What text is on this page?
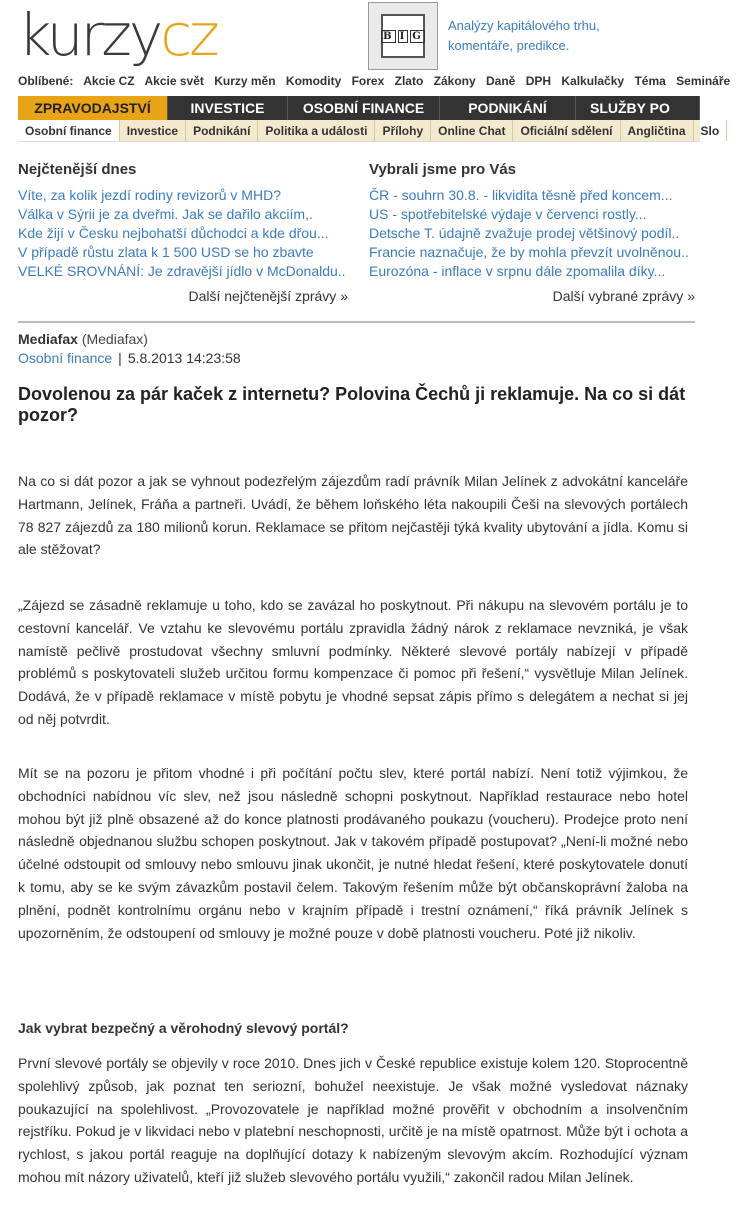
kurzycz	B I G
Analýzy kapitálového trhu,
komentáře, predikce.
Oblíbené: Akcie CZ Akcie svět Kurzy měn Komodity Forex Zlato Zákony Daně DPH Kalkulačky Téma Semináře
ZPRAVODAJSTVÍ	INVESTICE	OSOBNÍ FINANCE	PODNIKÁNÍ	SLUŽBY PO
Osobní finance	Investice	Podnikání	Politika a události	Přílohy	Online Chat	Oficiální sdělení	Angličtina	Slo
Nejčtenější dnes
Víte, za kolik jezdí rodiny revizorů v MHD?
Válka v Sýrii je za dveřmi. Jak se dařilo akciím,.
Kde žijí v Česku nejbohatší důchodci a kde dřou...
V případě růstu zlata k 1 500 USD se ho zbavte
VELKÉ SROVNÁNÍ: Je zdravější jídlo v McDonaldu..
Další nejčtenější zprávy »
Vybrali jsme pro Vás
ČR - souhrn 30.8. - likvidita těsně před koncem...
US - spotřebitelské výdaje v červenci rostly...
Detsche T. údajně zvažuje prodej většinový podíl..
Francie naznačuje, že by mohla převzít uvolněnou..
Eurozóna - inflace v srpnu dále zpomalila díky...
Další vybrané zprávy »
Mediafax (Mediafax)
Osobní finance | 5.8.2013 14:23:58
Dovolenou za pár kaček z internetu? Polovina Čechů ji reklamuje. Na co si dát pozor?

Na co si dát pozor a jak se vyhnout podezřelým zájezdům radí právník Milan Jelínek z advokátní kanceláře Hartmann, Jelínek, Fráňa a partneři. Uvádí, že během loňského léta nakoupili Češi na slevových portálech 78 827 zájezdů za 180 milionů korun. Reklamace se přitom nejčastěji týká kvality ubytování a jídla. Komu si ale stěžovat?

„Zájezd se zásadně reklamuje u toho, kdo se zavázal ho poskytnout. Při nákupu na slevovém portálu je to cestovní kancelář. Ve vztahu ke slevovému portálu zpravidla žádný nárok z reklamace nevzniká, je však namístě pečlivě prostudovat všechny smluvní podmínky. Některé slevové portály nabízejí v případě problémů s poskytovateli služeb určitou formu kompenzace či pomoc při řešení,“ vysvětluje Milan Jelínek. Dodává, že v případě reklamace v místě pobytu je vhodné sepsat zápis přímo s delegátem a nechat si jej od něj potvrdit.

Mít se na pozoru je přitom vhodné i při počítání počtu slev, které portál nabízí. Není totiž výjimkou, že obchodníci nabídnou víc slev, než jsou následně schopni poskytnout. Například restaurace nebo hotel mohou být již plně obsazené až do konce platnosti prodávaného poukazu (voucheru). Prodejce proto není následně objednanou službu schopen poskytnout. Jak v takovém případě postupovat? „Není-li možné nebo účelné odstoupit od smlouvy nebo smlouvu jinak ukončit, je nutné hledat řešení, které poskytovatele donutí k tomu, aby se ke svým závazkům postavil čelem. Takovým řešením může být občanskoprávní žaloba na plnění, podnět kontrolnímu orgánu nebo v krajním případě i trestní oznámení,“ říká právník Jelínek s upozorněním, že odstoupení od smlouvy je možné pouze v době platnosti voucheru. Poté již nikoliv.

Jak vybrat bezpečný a věrohodný slevový portál?

První slevové portály se objevily v roce 2010. Dnes jich v České republice existuje kolem 120. Stoprocentně spolehlivý způsob, jak poznat ten seriozní, bohužel neexistuje. Je však možné vysledovat náznaky poukazující na spolehlivost. „Provozovatele je například možné prověřit v obchodním a insolvenčním rejstříku. Pokud je v likvidaci nebo v platební neschopnosti, určitě je na místě opatrnost. Může být i ochota a rychlost, s jakou portál reaguje na doplňující dotazy k nabízeným slevovým akcím. Rozhodující význam mohou mít názory uživatelů, kteří již služeb slevového portálu využili,“ zakončil radou Milan Jelínek.
